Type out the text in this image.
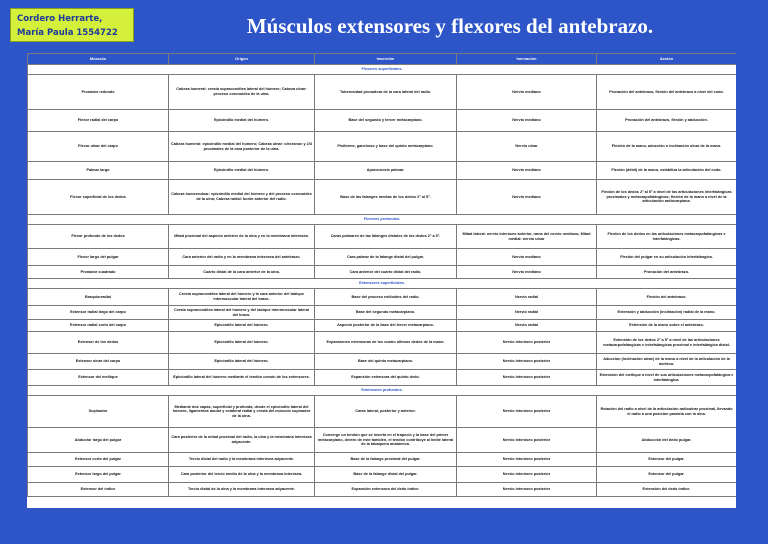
Cordero Herrarte,
María Paula 1554722	Músculos extensores y flexores del antebrazo.
Músculo	Origen	Inserción	Inervación	Acción
Flexores superficiales.				
Pronador redondo	Cabeza humeral: cresta supracondílea lateral del húmero; Cabeza ulnar: proceso coronoides de la ulna.	Tuberosidad pronadora de la cara lateral del radio.	Nervio mediano	Pronación del antebrazo, flexión del antebrazo a nivel del codo.
Flexor radial del carpo	Epicóndilo medial del húmero.	Base del segundo y tercer metacarpiano.	Nervio mediano	Pronación del antebrazo, flexión y abducción.
Flexor ulnar del carpo	Cabeza humeral: epicóndilo medial del húmero; Cabeza ulnar: olécranon y 2/3 proximales de la cara posterior de la ulna.	Pisiforme, ganchoso y base del quinto metacarpiano.	Nervio ulnar	Flexión de la mano, aducción o inclinación ulnar de la mano.
Palmar largo	Epicóndilo medial del húmero.	Aponeurosis palmar.	Nervio mediano	Flexión (débil) de la mano, estabiliza la articulación del codo.
Flexor superficial de los dedos	Cabeza humeroulnar: epicóndilo medial del húmero y del proceso coronoides de la ulna; Cabeza radial: borde anterior del radio.	Base de las falanges medias de los dedos 2° al 5°.	Nervio mediano	Flexión de los dedos 2° al 5° a nivel de las articulaciones interfalángicas proximales y metacarpofalángicas; flexión de la mano a nivel de la articulación radiocarpiana.
Flexores profundos.				
Flexor profundo de los dedos	Mitad proximal del aspecto anterior de la ulna y en la membrana interósea.	Caras palmares de las falanges distales de los dedos 2° a 5°.	Mitad lateral: nervio interóseo anterior, rama del nervio mediano; Mitad medial: nervio ulnar	Flexión de los dedos en las articulaciones metacarpofalángicas e interfalángicas.
Flexor largo del pulgar	Cara anterior del radio y en la membrana interósea del antebrazo.	Cara palmar de la falange distal del pulgar.	Nervio mediano	Flexión del pulgar en su articulación interfalángica.
Pronador cuadrado	Cuarto distal de la cara anterior de la ulna.	Cara anterior del cuarto distal del radio.	Nervio mediano	Pronación del antebrazo.
Extensores superficiales.				
Braquiorradial	Cresta supracondílea lateral del húmero y la cara anterior del tabique intermuscular lateral del brazo.	Base del proceso estiloides del radio.	Nervio radial	Flexión del antebrazo.
Extensor radial largo del carpo	Cresta supracondílea lateral del húmero y del tabique intermuscular lateral del brazo.	Base del segundo metacarpiano.	Nervio radial	Extensión y abducción (inclinación) radial de la mano.
Extensor radial corto del carpo	Epicóndilo lateral del húmero.	Aspecto posterior de la base del tercer metacarpiano.	Nervio radial	Extensión de la mano sobre el antebrazo.
Extensor de los dedos	Epicóndilo lateral del húmero.	Expansiones extensoras de los cuatro últimos dedos de la mano.	Nervio interóseo posterior	Extensión de los dedos 2° a 5° a nivel de las articulaciones metacarpofalángicas e interfalángicas proximal e interfalángica distal.
Extensor ulnar del carpo	Epicóndilo lateral del húmero.	Base del quinto metacarpiano.	Nervio interóseo posterior	Aducción (inclinación ulnar) de la mano a nivel de la articulación de la muñeca.
Extensor del meñique	Epicóndilo lateral del húmero mediante el tendón común de los extensores.	Expansión extensora del quinto dedo.	Nervio interóseo posterior	Extensión del meñique a nivel de sus articulaciones metacarpofalángica e interfalángica.
Extensores profundos.				
Supinador	Mediante dos capas, superficial y profunda, desde el epicóndilo lateral del húmero, ligamentos anular y colateral radial y cresta del músculo supinador de la ulna.	Caras lateral, posterior y anterior.	Nervio interóseo posterior	Rotación del radio a nivel de la articulación radioulnar proximal, llevando el radio a una posición paralela con la ulna.
Abductor largo del pulgar	Cara posterior de la mitad proximal del radio, la ulna y la membrana interósea adyacente.	Converge un tendón que se inserta en el trapecio y la base del primer metacarpiano, dentro de este también, el tendón contribuye al límite lateral de la tabaquera anatómica.	Nervio interóseo posterior	Abducción del dedo pulgar.
Extensor corto del pulgar	Tercio distal del radio y la membrana interósea adyacente.	Base de la falange proximal del pulgar.	Nervio interóseo posterior	Extensor del pulgar.
Extensor largo del pulgar	Cara posterior del tercio medio de la ulna y la membrana interósea.	Base de la falange distal del pulgar.	Nervio interóseo posterior	Extensor del pulgar.
Extensor del índice	Tercio distal de la ulna y la membrana interósea adyacente.	Expansión extensora del dedo índice.	Nervio interóseo posterior	Extensión del dedo índice.
